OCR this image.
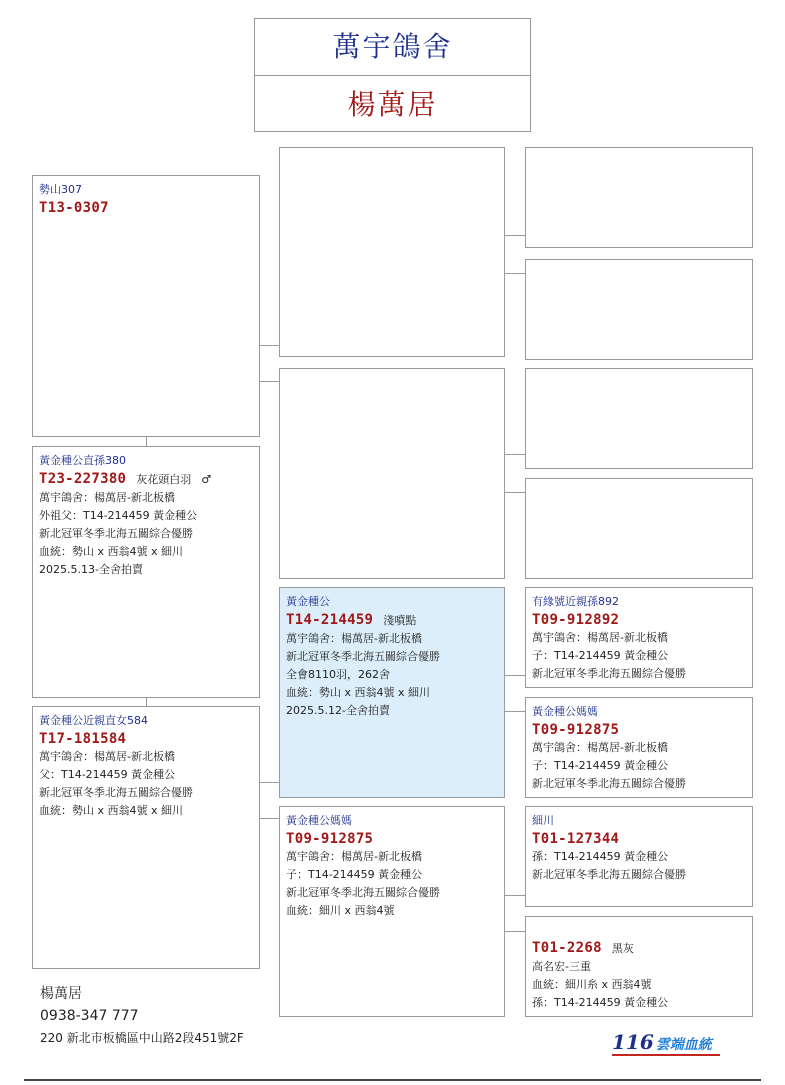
萬宇鴿舍
楊萬居
勢山307
T13-0307
黃金種公直孫380
T23-227380 灰花頭白羽 ♂
萬宇鴿舍：楊萬居-新北板橋
外祖父：T14-214459 黃金種公
新北冠軍冬季北海五關綜合優勝
血統：勢山 x 西翁4號 x 細川
2025.5.13-全舍拍賣
黃金種公近親直女584
T17-181584
萬宇鴿舍：楊萬居-新北板橋
父：T14-214459 黃金種公
新北冠軍冬季北海五關綜合優勝
血統：勢山 x 西翁4號 x 細川
黃金種公
T14-214459 淺噴點
萬宇鴿舍：楊萬居-新北板橋
新北冠軍冬季北海五關綜合優勝
全會8110羽，262舍
血統：勢山 x 西翁4號 x 細川
2025.5.12-全舍拍賣
黃金種公媽媽
T09-912875
萬宇鴿舍：楊萬居-新北板橋
子：T14-214459 黃金種公
新北冠軍冬季北海五關綜合優勝
血統：細川 x 西翁4號
有緣號近親孫892
T09-912892
萬宇鴿舍：楊萬居-新北板橋
子：T14-214459 黃金種公
新北冠軍冬季北海五關綜合優勝
黃金種公媽媽
T09-912875
萬宇鴿舍：楊萬居-新北板橋
子：T14-214459 黃金種公
新北冠軍冬季北海五關綜合優勝
細川
T01-127344
孫：T14-214459 黃金種公
新北冠軍冬季北海五關綜合優勝
T01-2268 黑灰
高名宏-三重
血統：細川糸 x 西翁4號
孫：T14-214459 黃金種公
楊萬居
0938-347 777
220 新北市板橋區中山路2段451號2F	116 雲端血統
